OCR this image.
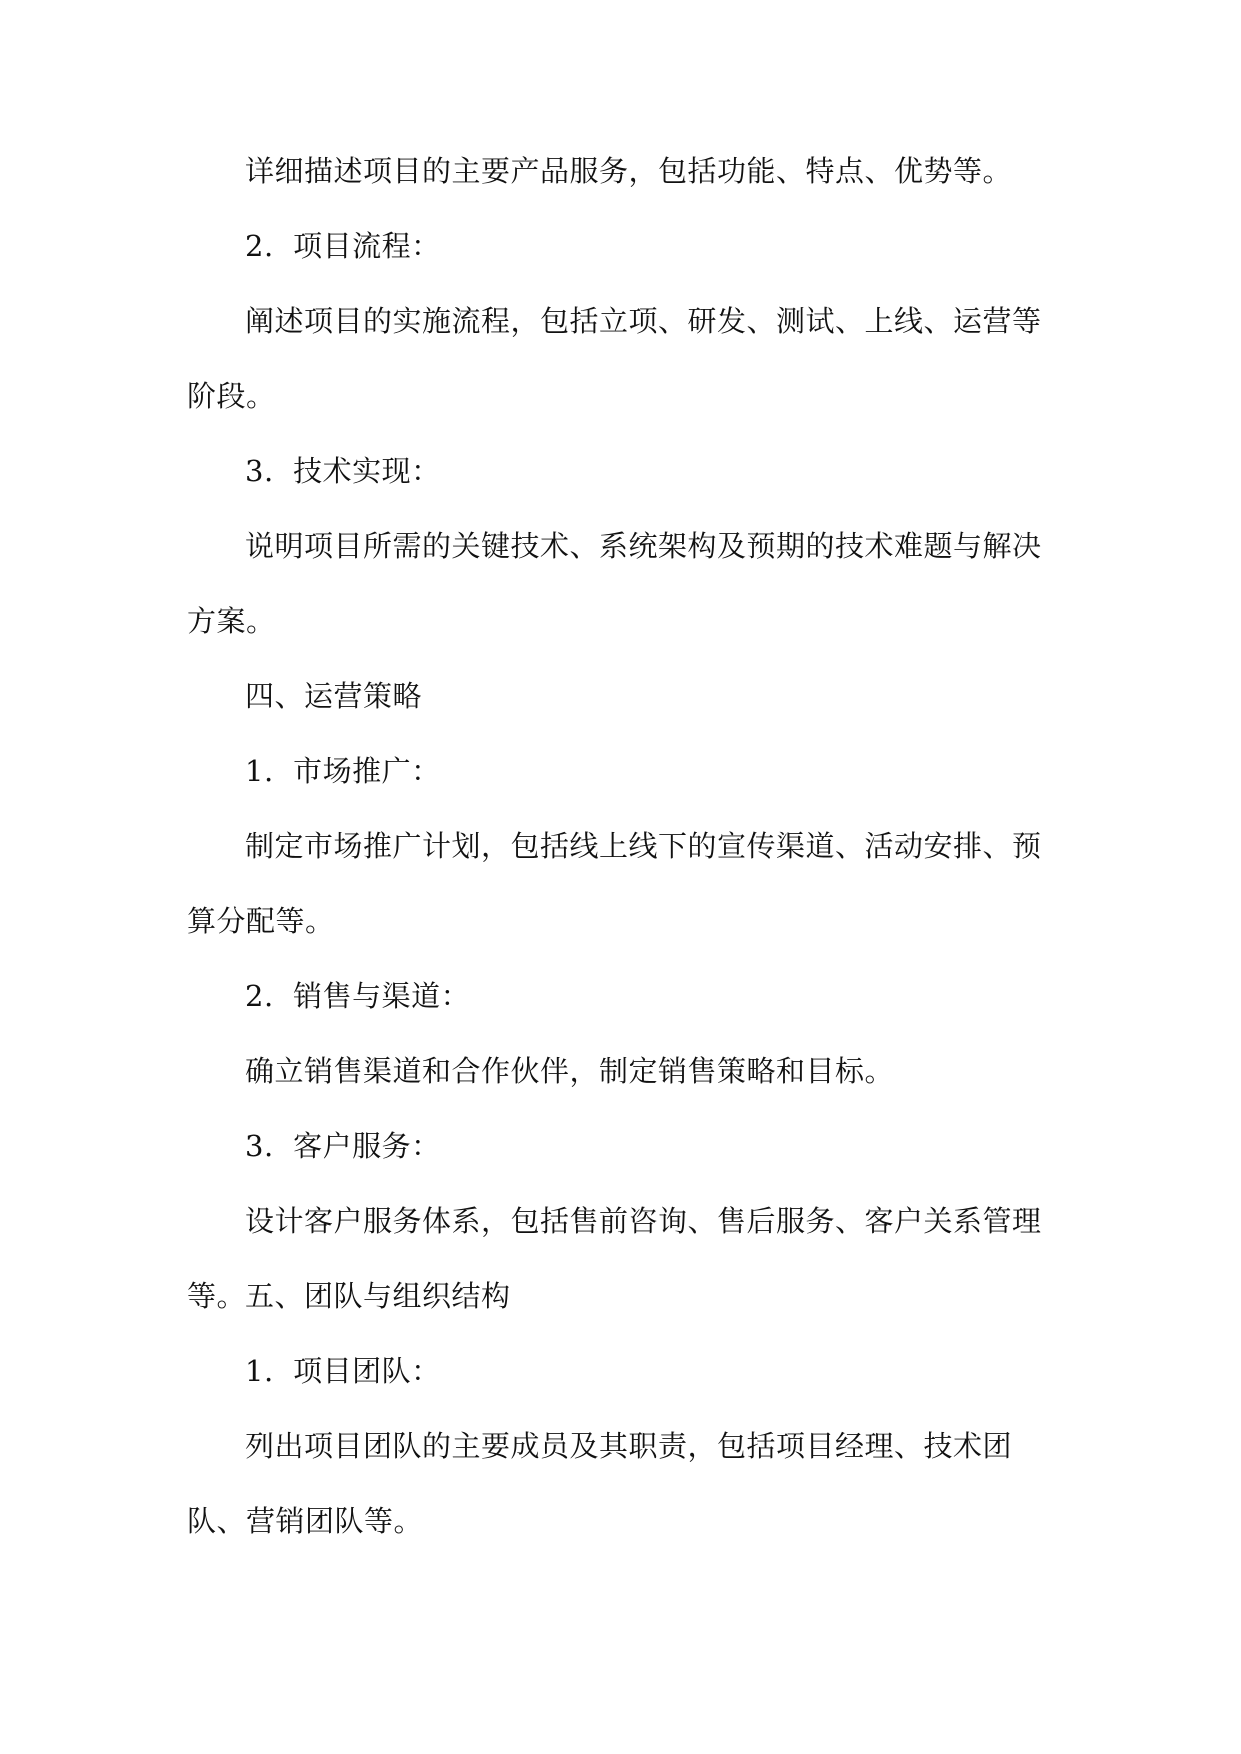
详细描述项目的主要产品服务，包括功能、特点、优势等。

2.  项目流程：

阐述项目的实施流程，包括立项、研发、测试、上线、运营等阶段。

3.  技术实现：

说明项目所需的关键技术、系统架构及预期的技术难题与解决方案。

四、运营策略

1.  市场推广：

制定市场推广计划，包括线上线下的宣传渠道、活动安排、预算分配等。

2.  销售与渠道：

确立销售渠道和合作伙伴，制定销售策略和目标。

3.  客户服务：

设计客户服务体系，包括售前咨询、售后服务、客户关系管理等。

五、团队与组织结构

1.  项目团队：

列出项目团队的主要成员及其职责，包括项目经理、技术团队、营销团队等。
